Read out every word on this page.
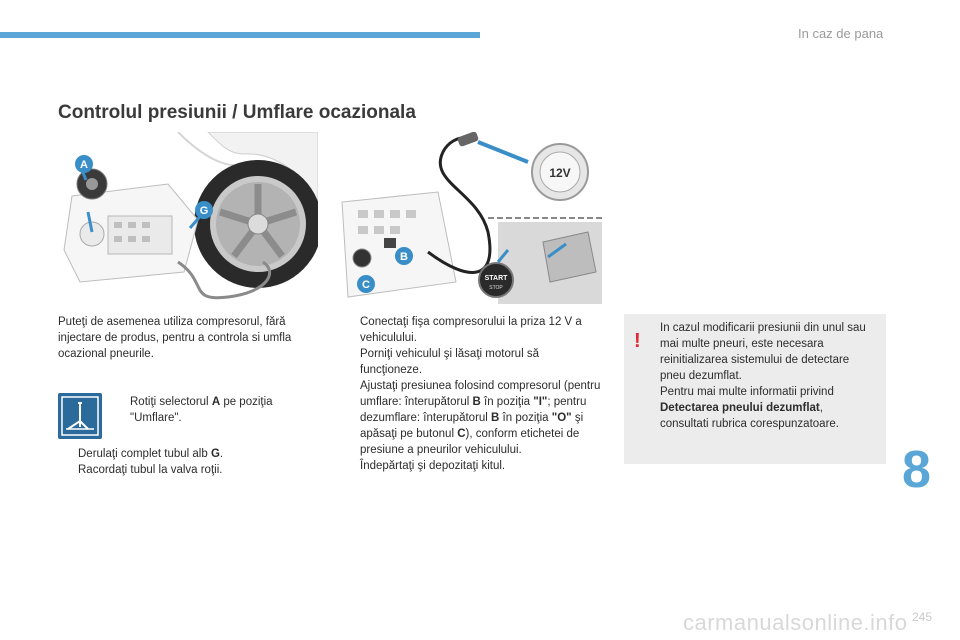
In caz de pana
Controlul presiunii / Umflare ocazionala
A
G
12V
START
STOP
B
C
Puteţi de asemenea utiliza compresorul, fără injectare de produs, pentru a controla si umfla ocazional pneurile.
Rotiţi selectorul A pe poziţia "Umflare".
Derulaţi complet tubul alb G.
Racordaţi tubul la valva roţii.
Conectaţi fişa compresorului la priza 12 V a vehiculului.
Porniţi vehiculul şi lăsaţi motorul să funcţioneze.
Ajustaţi presiunea folosind compresorul (pentru umflare: înterupătorul B în poziţia "I"; pentru dezumflare: înterupătorul B în poziţia "O" şi apăsaţi pe butonul C), conform etichetei de presiune a pneurilor vehiculului.
Îndepărtaţi şi depozitaţi kitul.
!
In cazul modificarii presiunii din unul sau mai multe pneuri, este necesara reinitializarea sistemului de detectare pneu dezumflat.
Pentru mai multe informatii privind Detectarea pneului dezumflat, consultati rubrica corespunzatoare.
8
245
carmanualsonline.info
